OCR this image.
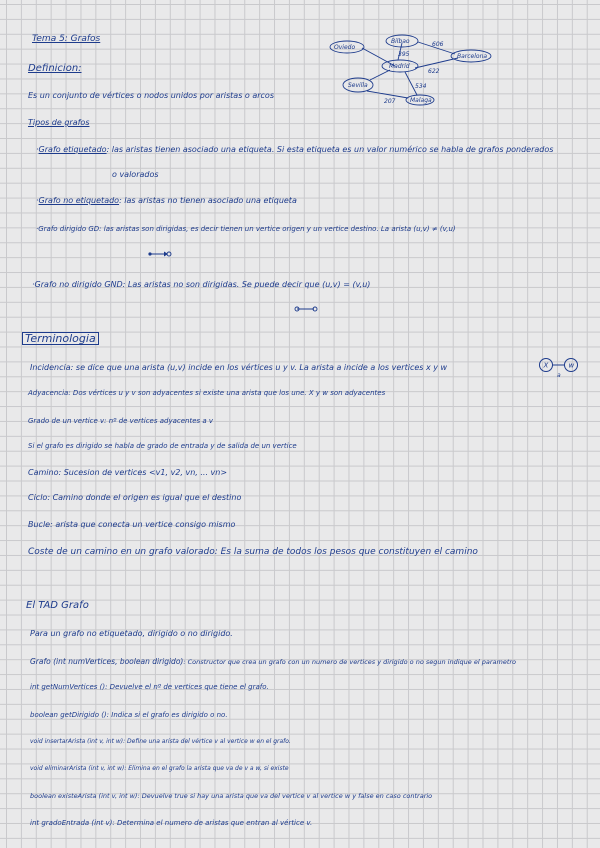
Tema 5: Grafos
Definicion:
Es un conjunto de vértices o nodos unidos por aristas o arcos
Oviedo
Bilbao
Madrid
Barcelona
Sevilla
Malaga
606
395
622
534
207
Tipos de grafos
·Grafo etiquetado: las aristas tienen asociado una etiqueta. Si esta etiqueta es un valor numérico se habla de grafos ponderados
o valorados
·Grafo no etiquetado: las aristas no tienen asociado una etiqueta
·Grafo dirigido GD: las aristas son dirigidas, es decir tienen un vertice origen y un vertice destino. La arista (u,v) ≠ (v,u)
·Grafo no dirigido GND: Las aristas no son dirigidas. Se puede decir que (u,v) = (v,u)
Terminologia
Incidencia: se dice que una arista (u,v) incide en los vértices u y v. La arista a incide a los vertices x y w	X	w
a
Adyacencia: Dos vértices u y v son adyacentes si existe una arista que los une. X y w son adyacentes
Grado de un vertice v: nº de vertices adyacentes a v
Si el grafo es dirigido se habla de grado de entrada y de salida de un vertice
Camino: Sucesion de vertices <v1, v2, vn, ... vn>
Ciclo: Camino donde el origen es igual que el destino
Bucle: arista que conecta un vertice consigo mismo
Coste de un camino en un grafo valorado: Es la suma de todos los pesos que constituyen el camino
El TAD Grafo
Para un grafo no etiquetado, dirigido o no dirigido.
Grafo (int numVertices, boolean dirigido): Constructor que crea un grafo con un numero de vertices y dirigido o no segun indique el parametro
int getNumVertices (): Devuelve el nº de vertices que tiene el grafo.
boolean getDirigido (): Indica si el grafo es dirigido o no.
void insertarArista (int v, int w): Define una arista del vértice v al vertice w en el grafo.
void eliminarArista (int v, int w): Elimina en el grafo la arista que va de v a w, si existe
boolean existeArista (int v, int w): Devuelve true si hay una arista que va del vertice v al vertice w y false en caso contrario
int gradoEntrada (int v): Determina el numero de aristas que entran al vértice v.
